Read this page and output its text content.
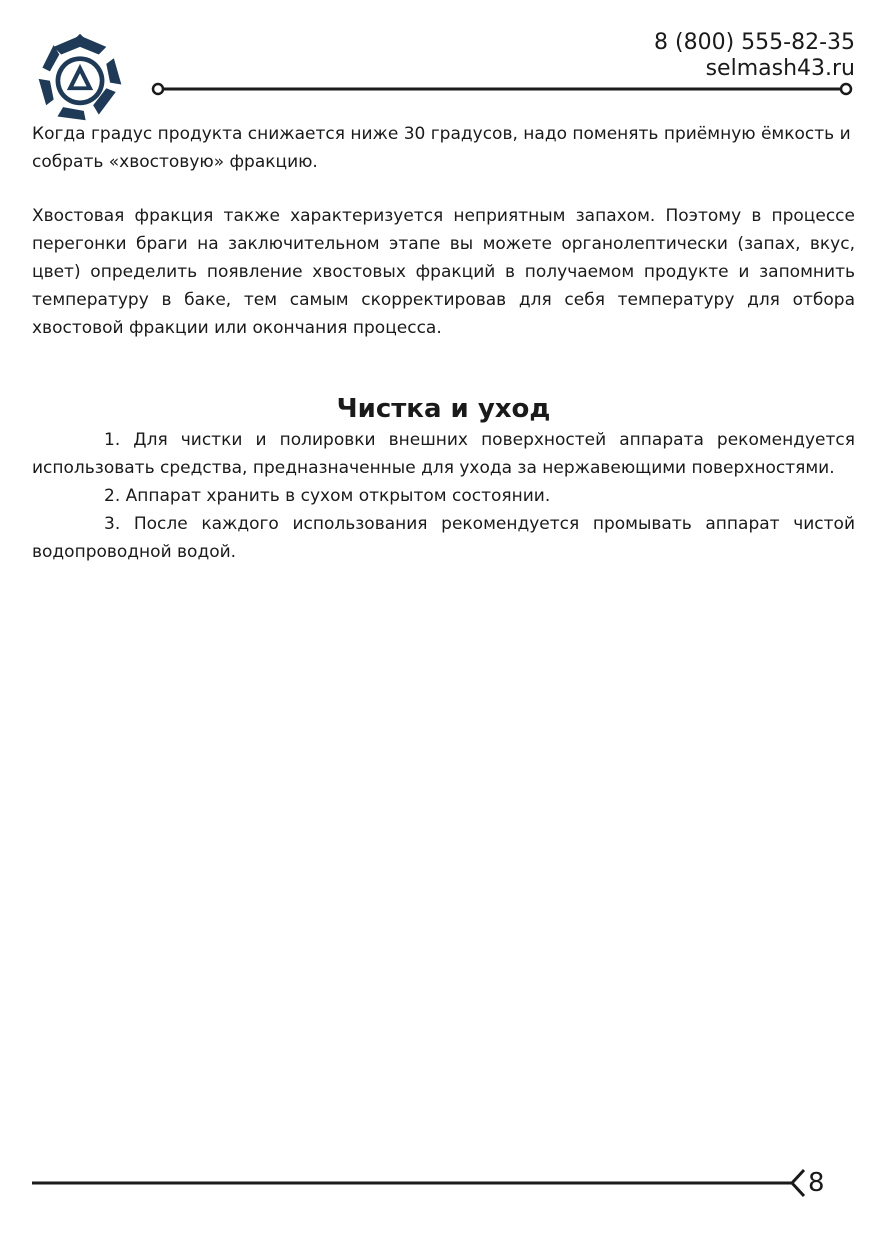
8 (800) 555-82-35
selmash43.ru

Когда градус продукта снижается ниже 30 градусов, надо поменять приёмную ёмкость и собрать «хвостовую» фракцию.

Хвостовая фракция также характеризуется неприятным запахом. Поэтому в процессе перегонки браги на заключительном этапе вы можете органолептически (запах, вкус, цвет) определить появление хвостовых фракций в получаемом продукте и запомнить температуру в баке, тем самым скорректировав для себя температуру для отбора хвостовой фракции или окончания процесса.

Чистка и уход

1. Для чистки и полировки внешних поверхностей аппарата рекомендуется использовать средства, предназначенные для ухода за нержавеющими поверхностями.

2. Аппарат хранить в сухом открытом состоянии.

3. После каждого использования рекомендуется промывать аппарат чистой водопроводной водой.

8
